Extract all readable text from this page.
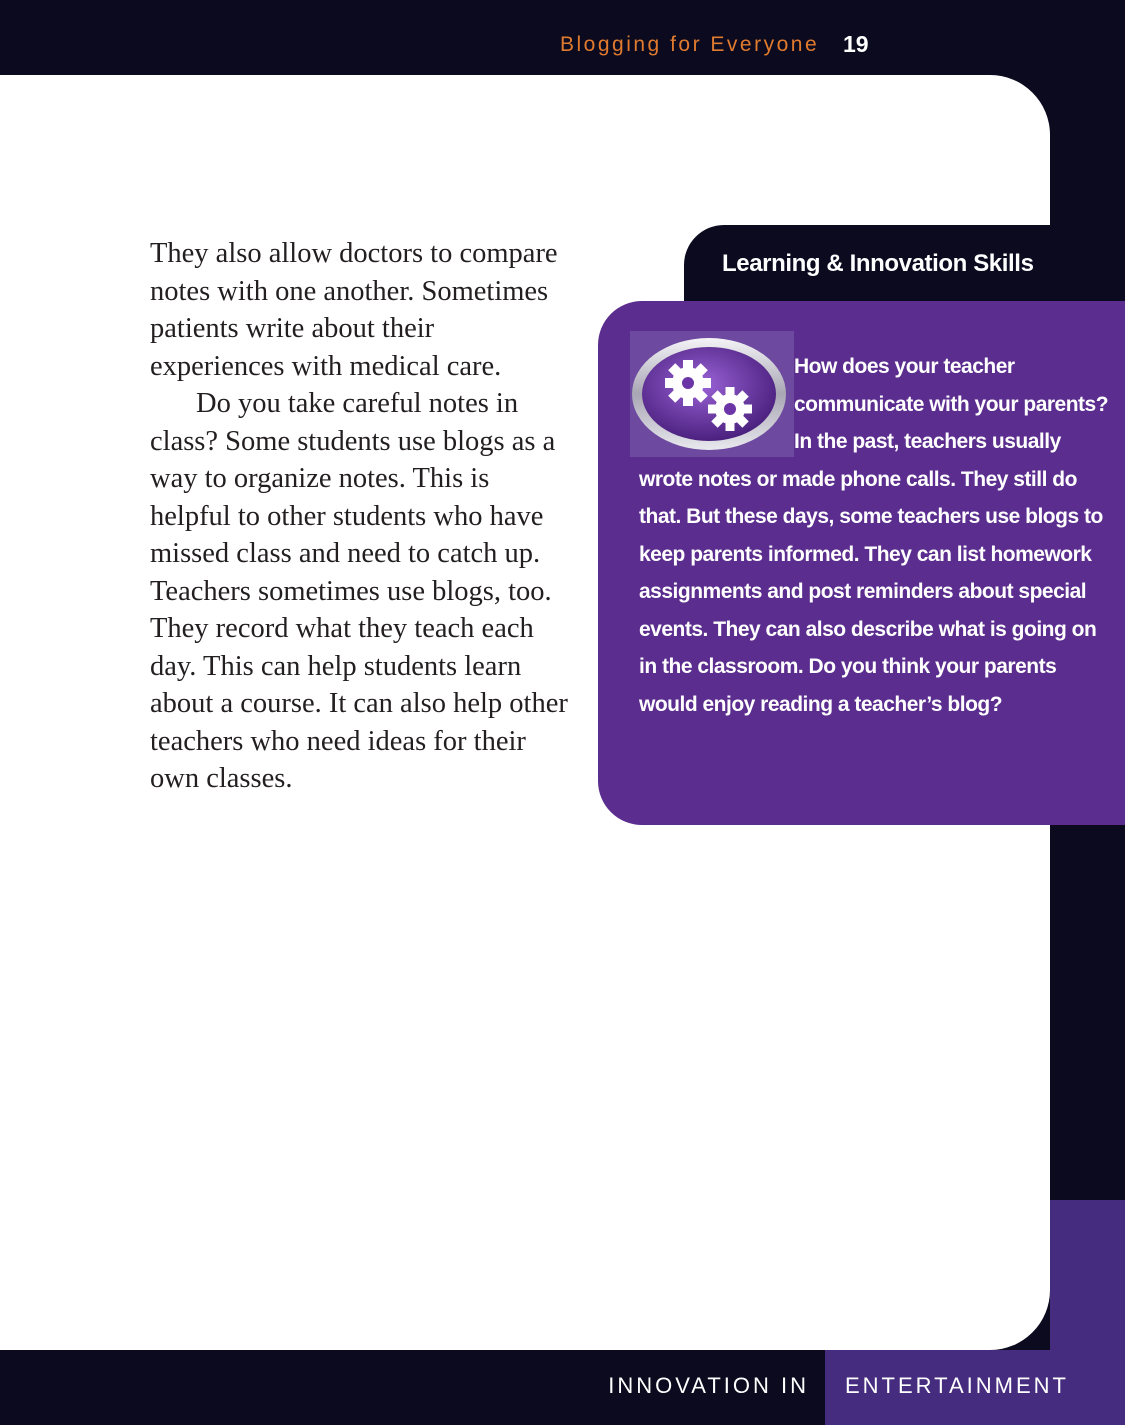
Blogging for Everyone 19

They also allow doctors to compare notes with one another. Sometimes patients write about their experiences with medical care.

Do you take careful notes in class? Some students use blogs as a way to organize notes. This is helpful to other students who have missed class and need to catch up. Teachers sometimes use blogs, too. They record what they teach each day. This can help students learn about a course. It can also help other teachers who need ideas for their own classes.

Learning & Innovation Skills

How does your teacher communicate with your parents? In the past, teachers usually wrote notes or made phone calls. They still do that. But these days, some teachers use blogs to keep parents informed. They can list homework assignments and post reminders about special events. They can also describe what is going on in the classroom. Do you think your parents would enjoy reading a teacher’s blog?

INNOVATION IN	ENTERTAINMENT
